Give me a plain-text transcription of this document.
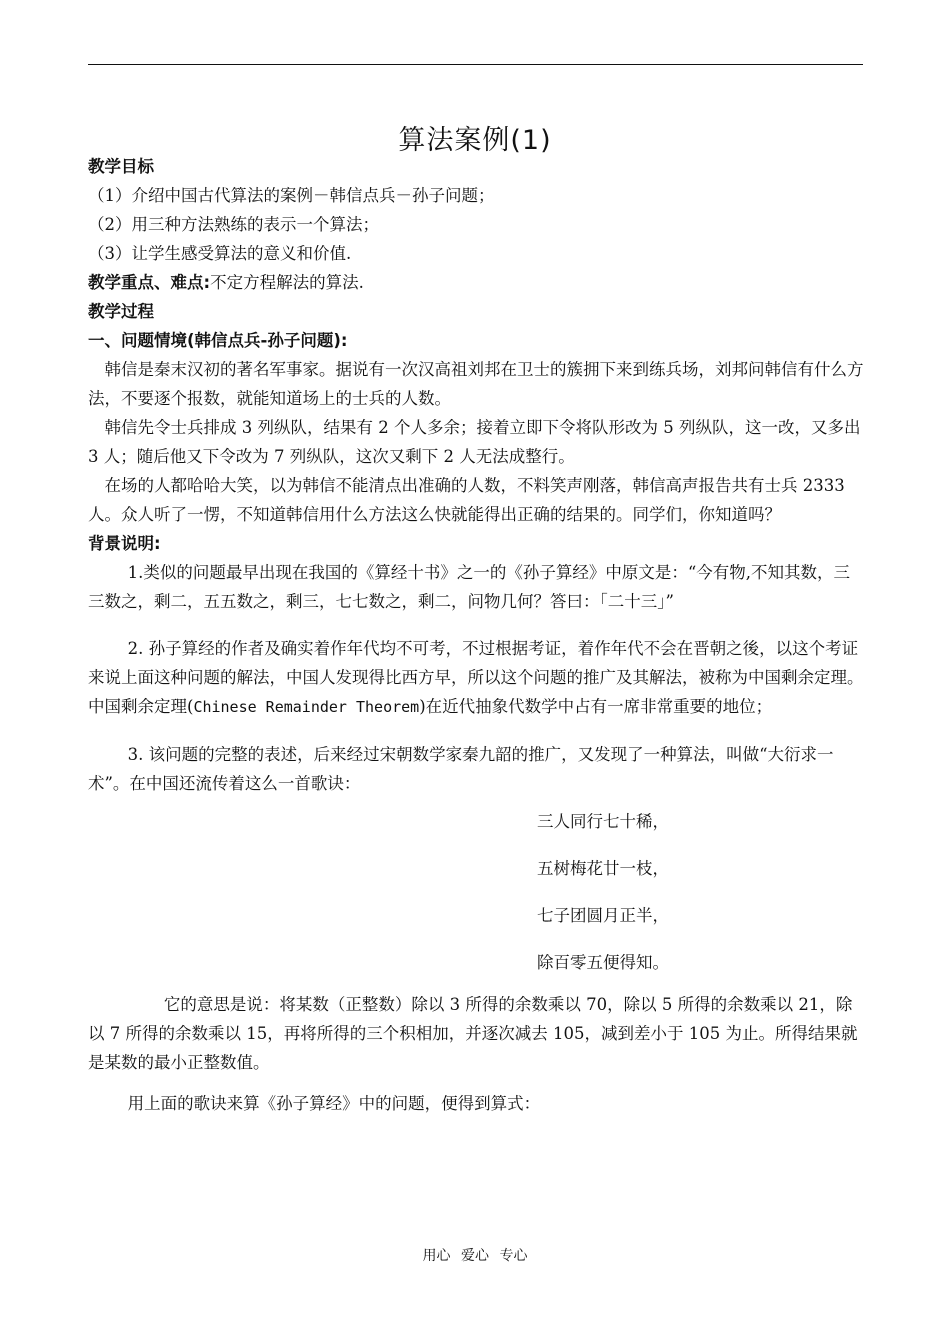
算法案例(1)

教学目标

（1）介绍中国古代算法的案例－韩信点兵－孙子问题；

（2）用三种方法熟练的表示一个算法；

（3）让学生感受算法的意义和价值.

教学重点、难点:不定方程解法的算法.

教学过程

一、问题情境(韩信点兵-孙子问题):

韩信是秦末汉初的著名军事家。据说有一次汉高祖刘邦在卫士的簇拥下来到练兵场，刘邦问韩信有什么方法，不要逐个报数，就能知道场上的士兵的人数。

韩信先令士兵排成 3 列纵队，结果有 2 个人多余；接着立即下令将队形改为 5 列纵队，这一改，又多出 3 人；随后他又下令改为 7 列纵队，这次又剩下 2 人无法成整行。

在场的人都哈哈大笑，以为韩信不能清点出准确的人数，不料笑声刚落，韩信高声报告共有士兵 2333 人。众人听了一愣，不知道韩信用什么方法这么快就能得出正确的结果的。同学们，你知道吗？

背景说明:

1.类似的问题最早出现在我国的《算经十书》之一的《孙子算经》中原文是：“今有物,不知其数，三三数之，剩二，五五数之，剩三，七七数之，剩二，问物几何？答曰：「二十三」”

2. 孙子算经的作者及确实着作年代均不可考，不过根据考证，着作年代不会在晋朝之後，以这个考证来说上面这种问题的解法，中国人发现得比西方早，所以这个问题的推广及其解法，被称为中国剩余定理。中国剩余定理(Chinese Remainder Theorem)在近代抽象代数学中占有一席非常重要的地位；

3. 该问题的完整的表述，后来经过宋朝数学家秦九韶的推广，又发现了一种算法，叫做“大衍求一术”。在中国还流传着这么一首歌诀：

三人同行七十稀，

五树梅花廿一枝，

七子团圆月正半，

除百零五便得知。

它的意思是说：将某数（正整数）除以 3 所得的余数乘以 70，除以 5 所得的余数乘以 21，除以 7 所得的余数乘以 15，再将所得的三个积相加，并逐次减去 105，减到差小于 105 为止。所得结果就是某数的最小正整数值。

用上面的歌诀来算《孙子算经》中的问题，便得到算式：

用心 爱心 专心
